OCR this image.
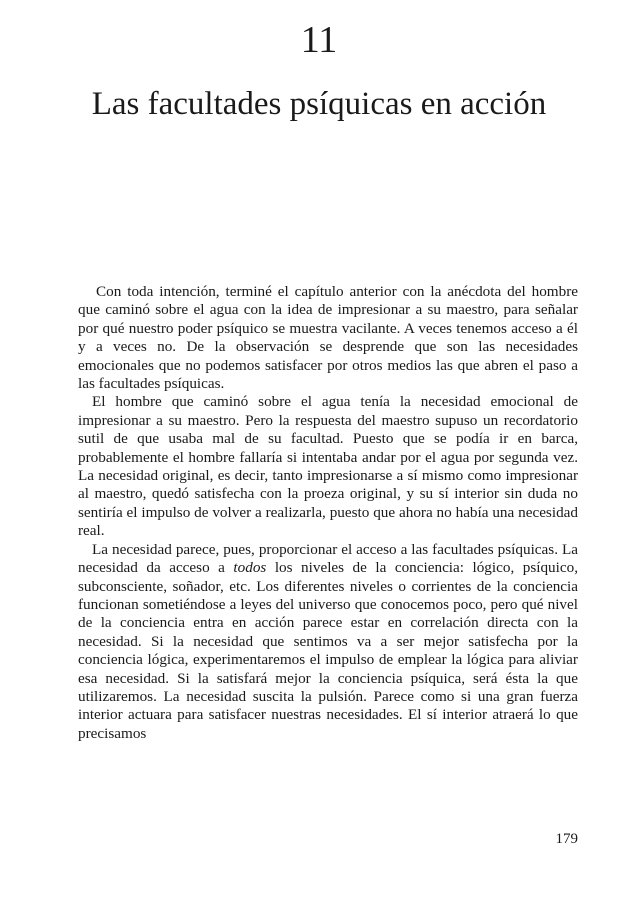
11
Las facultades psíquicas en acción

Con toda intención, terminé el capítulo anterior con la anécdota del hombre que caminó sobre el agua con la idea de impresionar a su maestro, para señalar por qué nuestro poder psíquico se muestra vacilante. A veces tenemos acceso a él y a veces no. De la observación se desprende que son las necesidades emocionales que no podemos satisfacer por otros medios las que abren el paso a las facultades psíquicas.

El hombre que caminó sobre el agua tenía la necesidad emocional de impresionar a su maestro. Pero la respuesta del maestro supuso un recordatorio sutil de que usaba mal de su facultad. Puesto que se podía ir en barca, probablemente el hombre fallaría si intentaba andar por el agua por segunda vez. La necesidad original, es decir, tanto impresionarse a sí mismo como impresionar al maestro, quedó satisfecha con la proeza original, y su sí interior sin duda no sentiría el impulso de volver a realizarla, puesto que ahora no había una necesidad real.

La necesidad parece, pues, proporcionar el acceso a las facultades psíquicas. La necesidad da acceso a todos los niveles de la conciencia: lógico, psíquico, subconsciente, soñador, etc. Los diferentes niveles o corrientes de la conciencia funcionan sometiéndose a leyes del universo que conocemos poco, pero qué nivel de la conciencia entra en acción parece estar en correlación directa con la necesidad. Si la necesidad que sentimos va a ser mejor satisfecha por la conciencia lógica, experimentaremos el impulso de emplear la lógica para aliviar esa necesidad. Si la satisfará mejor la conciencia psíquica, será ésta la que utilizaremos. La necesidad suscita la pulsión. Parece como si una gran fuerza interior actuara para satisfacer nuestras necesidades. El sí interior atraerá lo que precisamos

179
